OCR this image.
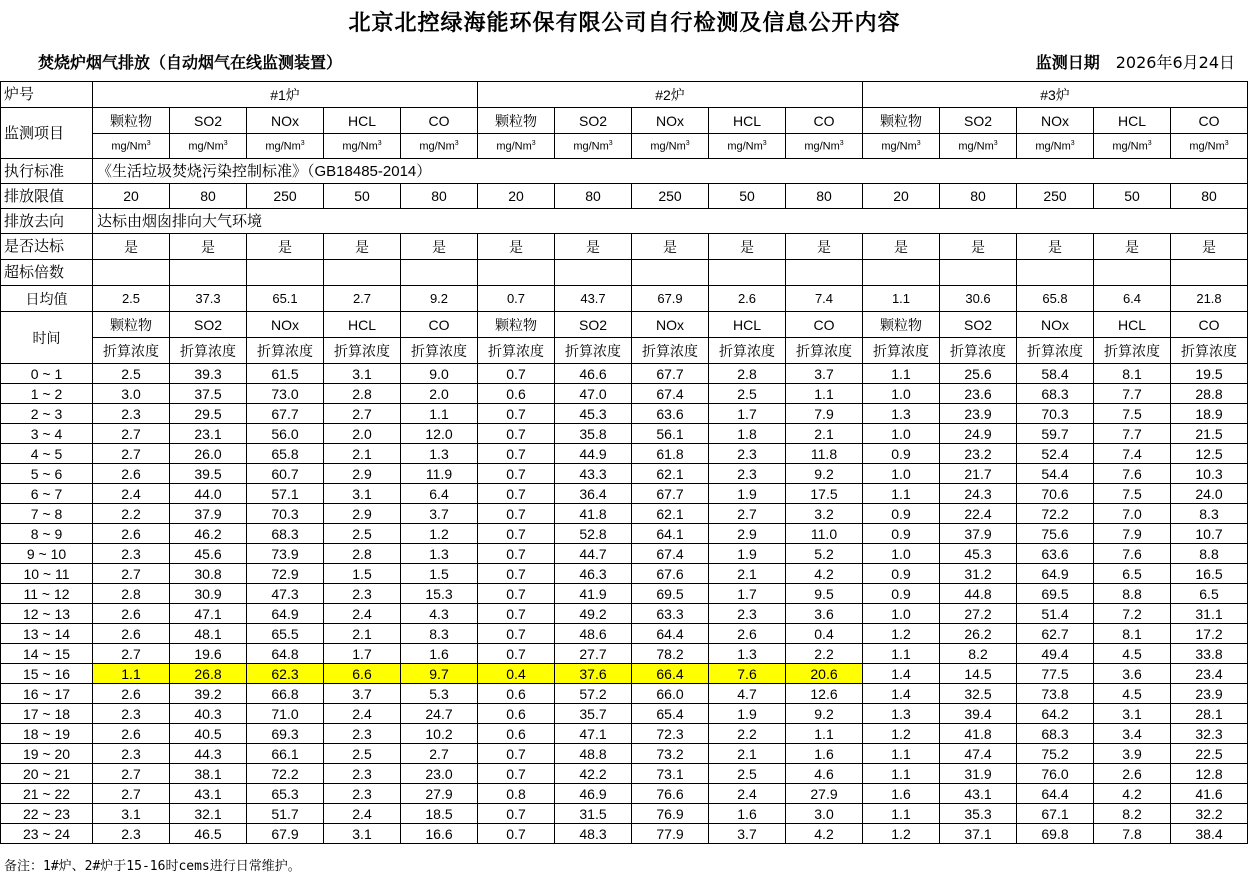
北京北控绿海能环保有限公司自行检测及信息公开内容
焚烧炉烟气排放（自动烟气在线监测装置）	监测日期 2026年6月24日
炉号	#1炉					#2炉					#3炉				
监测项目	颗粒物	SO2	NOx	HCL	CO	颗粒物	SO2	NOx	HCL	CO	颗粒物	SO2	NOx	HCL	CO
	mg/Nm$^3$	mg/Nm$^3$	mg/Nm$^3$	mg/Nm$^3$	mg/Nm$^3$	mg/Nm$^3$	mg/Nm$^3$	mg/Nm$^3$	mg/Nm$^3$	mg/Nm$^3$	mg/Nm$^3$	mg/Nm$^3$	mg/Nm$^3$	mg/Nm$^3$	mg/Nm$^3$
执行标准	《生活垃圾焚烧污染控制标准》（GB18485-2014）														
排放限值	20	80	250	50	80	20	80	250	50	80	20	80	250	50	80
排放去向	达标由烟囱排向大气环境														
是否达标	是	是	是	是	是	是	是	是	是	是	是	是	是	是	是
超标倍数															
日均值	2.5	37.3	65.1	2.7	9.2	0.7	43.7	67.9	2.6	7.4	1.1	30.6	65.8	6.4	21.8
时间	颗粒物	SO2	NOx	HCL	CO	颗粒物	SO2	NOx	HCL	CO	颗粒物	SO2	NOx	HCL	CO
	折算浓度	折算浓度	折算浓度	折算浓度	折算浓度	折算浓度	折算浓度	折算浓度	折算浓度	折算浓度	折算浓度	折算浓度	折算浓度	折算浓度	折算浓度
0 ~ 1	2.5	39.3	61.5	3.1	9.0	0.7	46.6	67.7	2.8	3.7	1.1	25.6	58.4	8.1	19.5
1 ~ 2	3.0	37.5	73.0	2.8	2.0	0.6	47.0	67.4	2.5	1.1	1.0	23.6	68.3	7.7	28.8
2 ~ 3	2.3	29.5	67.7	2.7	1.1	0.7	45.3	63.6	1.7	7.9	1.3	23.9	70.3	7.5	18.9
3 ~ 4	2.7	23.1	56.0	2.0	12.0	0.7	35.8	56.1	1.8	2.1	1.0	24.9	59.7	7.7	21.5
4 ~ 5	2.7	26.0	65.8	2.1	1.3	0.7	44.9	61.8	2.3	11.8	0.9	23.2	52.4	7.4	12.5
5 ~ 6	2.6	39.5	60.7	2.9	11.9	0.7	43.3	62.1	2.3	9.2	1.0	21.7	54.4	7.6	10.3
6 ~ 7	2.4	44.0	57.1	3.1	6.4	0.7	36.4	67.7	1.9	17.5	1.1	24.3	70.6	7.5	24.0
7 ~ 8	2.2	37.9	70.3	2.9	3.7	0.7	41.8	62.1	2.7	3.2	0.9	22.4	72.2	7.0	8.3
8 ~ 9	2.6	46.2	68.3	2.5	1.2	0.7	52.8	64.1	2.9	11.0	0.9	37.9	75.6	7.9	10.7
9 ~ 10	2.3	45.6	73.9	2.8	1.3	0.7	44.7	67.4	1.9	5.2	1.0	45.3	63.6	7.6	8.8
10 ~ 11	2.7	30.8	72.9	1.5	1.5	0.7	46.3	67.6	2.1	4.2	0.9	31.2	64.9	6.5	16.5
11 ~ 12	2.8	30.9	47.3	2.3	15.3	0.7	41.9	69.5	1.7	9.5	0.9	44.8	69.5	8.8	6.5
12 ~ 13	2.6	47.1	64.9	2.4	4.3	0.7	49.2	63.3	2.3	3.6	1.0	27.2	51.4	7.2	31.1
13 ~ 14	2.6	48.1	65.5	2.1	8.3	0.7	48.6	64.4	2.6	0.4	1.2	26.2	62.7	8.1	17.2
14 ~ 15	2.7	19.6	64.8	1.7	1.6	0.7	27.7	78.2	1.3	2.2	1.1	8.2	49.4	4.5	33.8
15 ~ 16	1.1	26.8	62.3	6.6	9.7	0.4	37.6	66.4	7.6	20.6	1.4	14.5	77.5	3.6	23.4
16 ~ 17	2.6	39.2	66.8	3.7	5.3	0.6	57.2	66.0	4.7	12.6	1.4	32.5	73.8	4.5	23.9
17 ~ 18	2.3	40.3	71.0	2.4	24.7	0.6	35.7	65.4	1.9	9.2	1.3	39.4	64.2	3.1	28.1
18 ~ 19	2.6	40.5	69.3	2.3	10.2	0.6	47.1	72.3	2.2	1.1	1.2	41.8	68.3	3.4	32.3
19 ~ 20	2.3	44.3	66.1	2.5	2.7	0.7	48.8	73.2	2.1	1.6	1.1	47.4	75.2	3.9	22.5
20 ~ 21	2.7	38.1	72.2	2.3	23.0	0.7	42.2	73.1	2.5	4.6	1.1	31.9	76.0	2.6	12.8
21 ~ 22	2.7	43.1	65.3	2.3	27.9	0.8	46.9	76.6	2.4	27.9	1.6	43.1	64.4	4.2	41.6
22 ~ 23	3.1	32.1	51.7	2.4	18.5	0.7	31.5	76.9	1.6	3.0	1.1	35.3	67.1	8.2	32.2
23 ~ 24	2.3	46.5	67.9	3.1	16.6	0.7	48.3	77.9	3.7	4.2	1.2	37.1	69.8	7.8	38.4
备注：1#炉、2#炉于15-16时cems进行日常维护。
